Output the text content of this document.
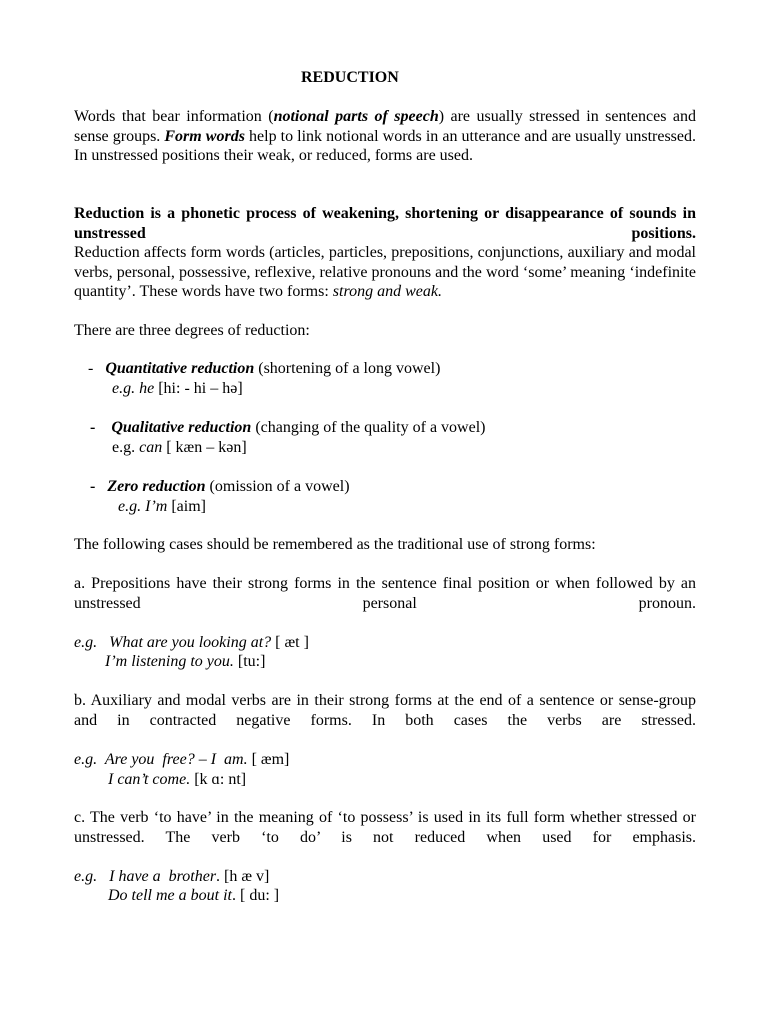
REDUCTION

Words that bear information (notional parts of speech) are usually stressed in sentences and sense groups. Form words help to link notional words in an utterance and are usually unstressed. In unstressed positions their weak, or reduced, forms are used.

Reduction is a phonetic process of weakening, shortening or disappearance of sounds in unstressed positions.

Reduction affects form words (articles, particles, prepositions, conjunctions, auxiliary and modal verbs, personal, possessive, reflexive, relative pronouns and the word ‘some’ meaning ‘indefinite quantity’. These words have two forms: strong and weak.

There are three degrees of reduction:

- Quantitative reduction (shortening of a long vowel)

e.g. he [hi: - hi – hə]

- Qualitative reduction (changing of the quality of a vowel)

e.g. can [ kæn – kən]

- Zero reduction (omission of a vowel)

e.g. I’m [aim]

The following cases should be remembered as the traditional use of strong forms:

a. Prepositions have their strong forms in the sentence final position or when followed by an unstressed personal pronoun.

e.g.   What are you looking at? [ æt ]

I’m listening to you. [tu:]

b. Auxiliary and modal verbs are in their strong forms at the end of a sentence or sense-group and in contracted negative forms. In both cases the verbs are stressed.

e.g.  Are you  free? – I  am. [ æm]

I can’t come. [k ɑ: nt]

c. The verb ‘to have’ in the meaning of ‘to possess’ is used in its full form whether stressed or unstressed. The verb ‘to do’ is not reduced when used for emphasis.

e.g.   I have a  brother. [h æ v]

Do tell me a bout it. [ du: ]
